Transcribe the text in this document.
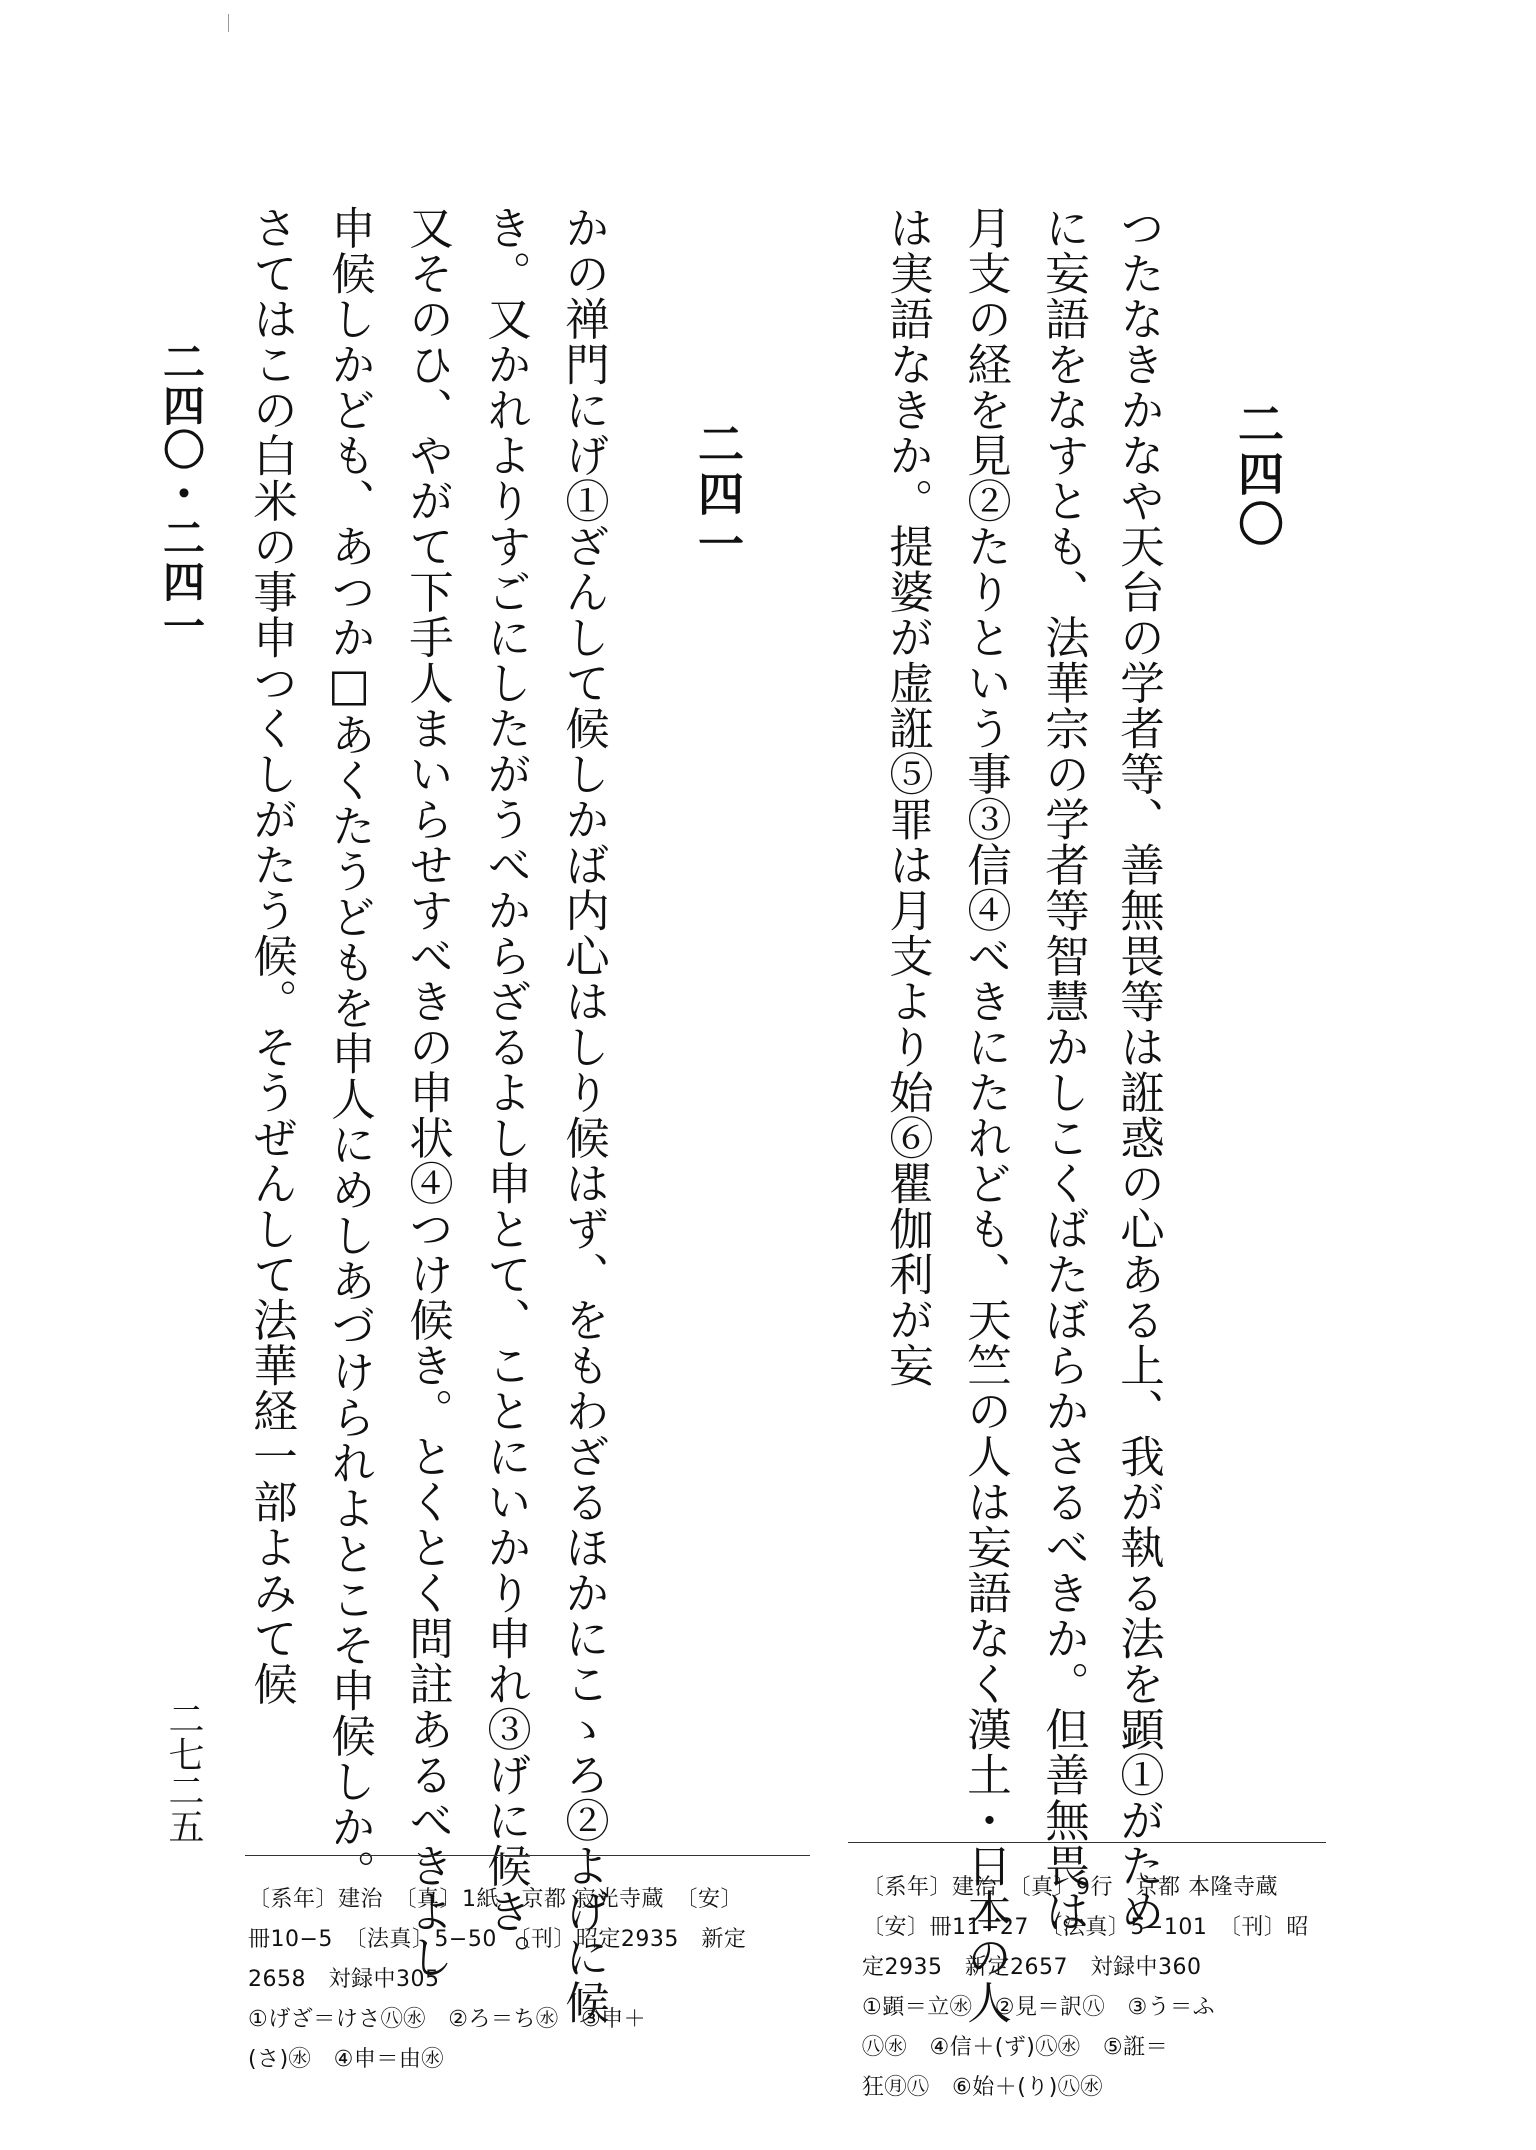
二四〇
つたなきかなや天台の学者等、善無畏等は誑惑の心ある上、我が執る法を顕①がため
に妄語をなすとも、法華宗の学者等智慧かしこくばたぼらかさるべきか。但善無畏は
月支の経を見②たりという事③信④べきにたれども、天竺の人は妄語なく漢土・日本の人
は実語なきか。提婆が虚誑⑤罪は月支より始⑥瞿伽利が妄
二四一
かの禅門にげ①ざんして候しかば内心はしり候はず、をもわざるほかにこゝろ②よげに候
き。又かれよりすごにしたがうべからざるよし申とて、ことにいかり申れ③げに候き。
又そのひ、やがて下手人まいらせすべきの申状④つけ候き。とくとく問註あるべきよし
申候しかども、あつか□あくたうどもを申人にめしあづけられよとこそ申候しか。
さてはこの白米の事申つくしがたう候。そうぜんして法華経一部よみて候
二四〇・二四一
二七二五
〔系年〕建治　〔真〕9行　京都 本隆寺蔵
〔安〕冊11−27　〔法真〕5−101　〔刊〕昭
定2935　新定2657　対録中360
①顕＝立㊌　②見＝訳㊇　③う＝ふ
㊇㊌　④信＋(ず)㊇㊌　⑤誑＝
狂㊊㊇　⑥始＋(り)㊇㊌
〔系年〕建治　〔真〕1紙　京都 寂光寺蔵　〔安〕
冊10−5　〔法真〕5−50　〔刊〕昭定2935　新定
2658　対録中305
①げざ＝けさ㊇㊌　②ろ＝ち㊌　③申＋
(さ)㊌　④申＝由㊌
